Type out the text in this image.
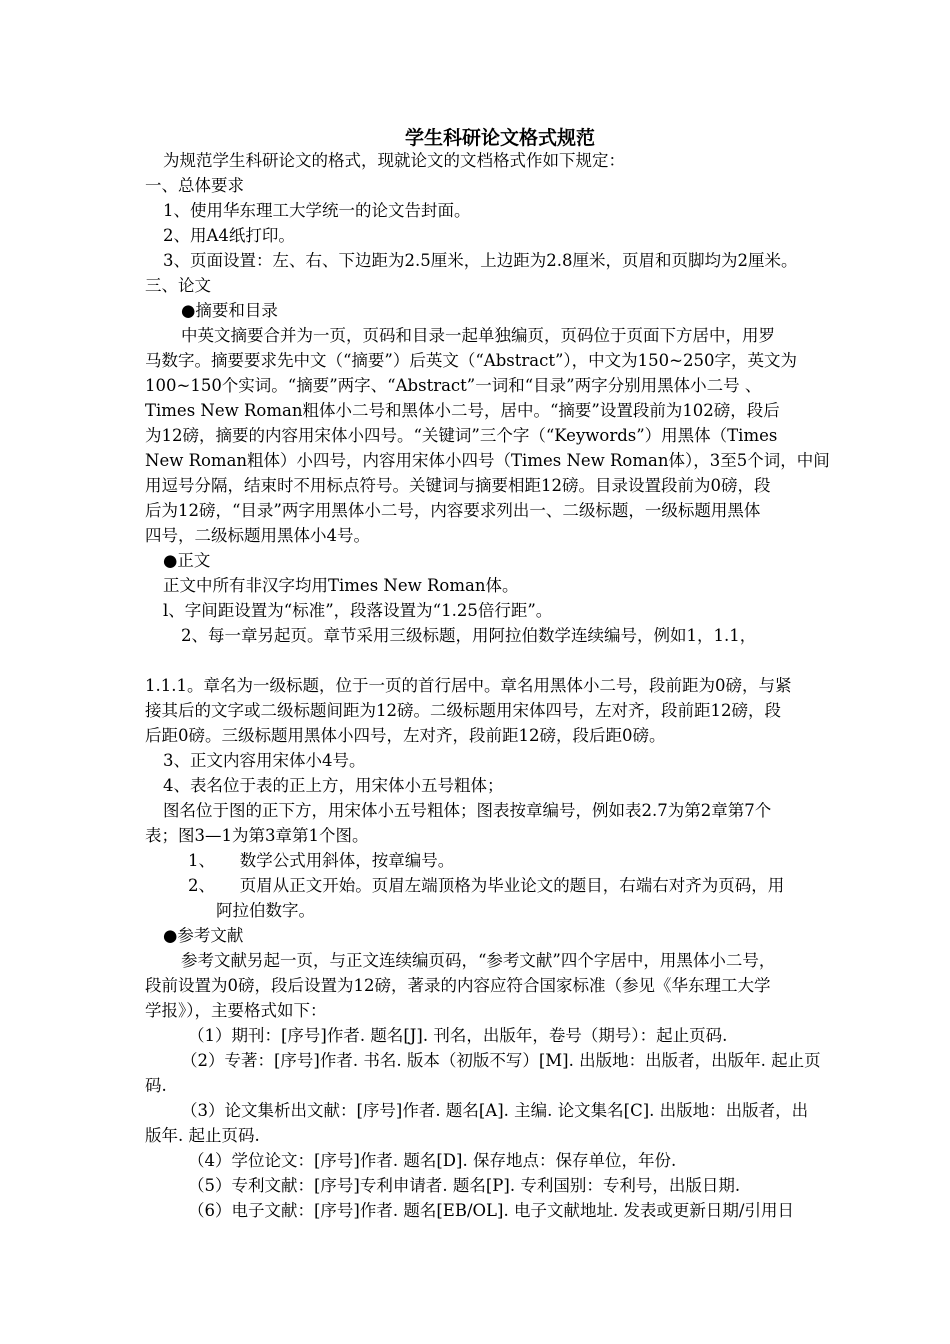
学生科研论文格式规范
为规范学生科研论文的格式，现就论文的文档格式作如下规定：
一、总体要求
1、使用华东理工大学统一的论文告封面。
2、用A4纸打印。
3、页面设置：左、右、下边距为2.5厘米，上边距为2.8厘米，页眉和页脚均为2厘米。
三、论文
●摘要和目录
中英文摘要合并为一页，页码和目录一起单独编页，页码位于页面下方居中，用罗
马数字。摘要要求先中文（“摘要”）后英文（“Abstract”），中文为150~250字，英文为
100~150个实词。“摘要”两字、“Abstract”一词和“目录”两字分别用黑体小二号 、
Times New Roman粗体小二号和黑体小二号，居中。“摘要”设置段前为102磅，段后
为12磅，摘要的内容用宋体小四号。“关键词”三个字（“Keywords”）用黑体（Times
New Roman粗体）小四号，内容用宋体小四号（Times New Roman体），3至5个词，中间
用逗号分隔，结束时不用标点符号。关键词与摘要相距12磅。目录设置段前为0磅，段
后为12磅，“目录”两字用黑体小二号，内容要求列出一、二级标题，一级标题用黑体
四号，二级标题用黑体小4号。
●正文
正文中所有非汉字均用Times New Roman体。
l、字间距设置为“标准”，段落设置为“1.25倍行距”。
2、每一章另起页。章节采用三级标题，用阿拉伯数学连续编号，例如1，1.1，
1.1.1。章名为一级标题，位于一页的首行居中。章名用黑体小二号，段前距为0磅，与紧
接其后的文字或二级标题间距为12磅。二级标题用宋体四号，左对齐，段前距12磅，段
后距0磅。三级标题用黑体小四号，左对齐，段前距12磅，段后距0磅。
3、正文内容用宋体小4号。
4、表名位于表的正上方，用宋体小五号粗体；
图名位于图的正下方，用宋体小五号粗体；图表按章编号，例如表2.7为第2章第7个
表；图3—1为第3章第1个图。
1、　　数学公式用斜体，按章编号。
2、　　页眉从正文开始。页眉左端顶格为毕业论文的题目，右端右对齐为页码，用
阿拉伯数字。
●参考文献
参考文献另起一页，与正文连续编页码，“参考文献”四个字居中，用黑体小二号，
段前设置为0磅，段后设置为12磅，著录的内容应符合国家标准（参见《华东理工大学
学报》），主要格式如下：
（1）期刊：[序号]作者. 题名[J]. 刊名，出版年，卷号（期号）：起止页码.
（2）专著：[序号]作者. 书名. 版本（初版不写）[M]. 出版地：出版者，出版年. 起止页
码.
（3）论文集析出文献：[序号]作者. 题名[A]. 主编. 论文集名[C]. 出版地：出版者，出
版年. 起止页码.
（4）学位论文：[序号]作者. 题名[D]. 保存地点：保存单位，年份.
（5）专利文献：[序号]专利申请者. 题名[P]. 专利国别：专利号，出版日期.
（6）电子文献：[序号]作者. 题名[EB/OL]. 电子文献地址. 发表或更新日期/引用日
